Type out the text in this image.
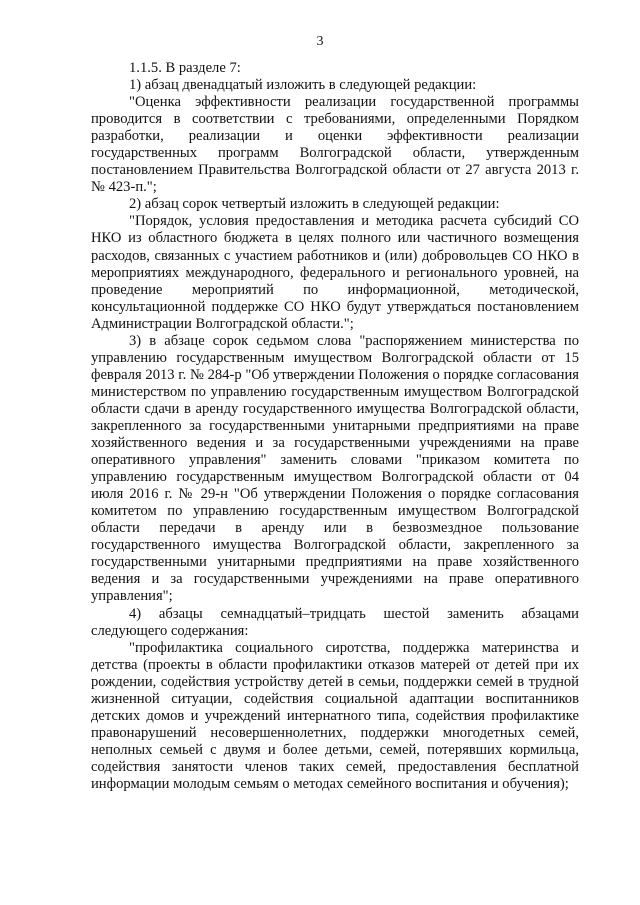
3

1.1.5. В разделе 7:

1) абзац двенадцатый изложить в следующей редакции:

"Оценка эффективности реализации государственной программы проводится в соответствии с требованиями, определенными Порядком разработки, реализации и оценки эффективности реализации государственных программ Волгоградской области, утвержденным постановлением Правительства Волгоградской области от 27 августа 2013 г. № 423-п.";

2) абзац сорок четвертый изложить в следующей редакции:

"Порядок, условия предоставления и методика расчета субсидий СО НКО из областного бюджета в целях полного или частичного возмещения расходов, связанных с участием работников и (или) добровольцев СО НКО в мероприятиях международного, федерального и регионального уровней, на проведение мероприятий по информационной, методической, консультационной поддержке СО НКО будут утверждаться постановлением Администрации Волгоградской области.";

3) в абзаце сорок седьмом слова "распоряжением министерства по управлению государственным имуществом Волгоградской области от 15 февраля 2013 г. № 284-р "Об утверждении Положения о порядке согласования министерством по управлению государственным имуществом Волгоградской области сдачи в аренду государственного имущества Волгоградской области, закрепленного за государственными унитарными предприятиями на праве хозяйственного ведения и за государственными учреждениями на праве оперативного управления" заменить словами "приказом комитета по управлению государственным имуществом Волгоградской области от 04 июля 2016 г. № 29-н "Об утверждении Положения о порядке согласования комитетом по управлению государственным имуществом Волгоградской области передачи в аренду или в безвозмездное пользование государственного имущества Волгоградской области, закрепленного за государственными унитарными предприятиями на праве хозяйственного ведения и за государственными учреждениями на праве оперативного управления";

4) абзацы семнадцатый–тридцать шестой заменить абзацами следующего содержания:

"профилактика социального сиротства, поддержка материнства и детства (проекты в области профилактики отказов матерей от детей при их рождении, содействия устройству детей в семьи, поддержки семей в трудной жизненной ситуации, содействия социальной адаптации воспитанников детских домов и учреждений интернатного типа, содействия профилактике правонарушений несовершеннолетних, поддержки многодетных семей, неполных семьей с двумя и более детьми, семей, потерявших кормильца, содействия занятости членов таких семей, предоставления бесплатной информации молодым семьям о методах семейного воспитания и обучения);
